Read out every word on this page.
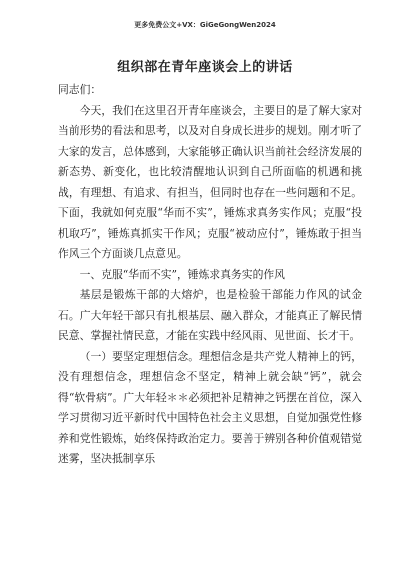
更多免费公文+VX：GiGeGongWen2024
组织部在青年座谈会上的讲话

同志们：

今天，我们在这里召开青年座谈会，主要目的是了解大家对当前形势的看法和思考，以及对自身成长进步的规划。刚才听了大家的发言，总体感到，大家能够正确认识当前社会经济发展的新态势、新变化，也比较清醒地认识到自己所面临的机遇和挑战，有理想、有追求、有担当，但同时也存在一些问题和不足。下面，我就如何克服“华而不实”，锤炼求真务实作风；克服“投机取巧”，锤炼真抓实干作风；克服“被动应付”，锤炼敢于担当作风三个方面谈几点意见。

一、克服“华而不实”，锤炼求真务实的作风

基层是锻炼干部的大熔炉，也是检验干部能力作风的试金石。广大年轻干部只有扎根基层、融入群众，才能真正了解民情民意、掌握社情民意，才能在实践中经风雨、见世面、长才干。

（一）要坚定理想信念。理想信念是共产党人精神上的钙，没有理想信念，理想信念不坚定，精神上就会缺“钙”，就会得“软骨病”。广大年轻＊＊必须把补足精神之钙摆在首位，深入学习贯彻习近平新时代中国特色社会主义思想，自觉加强党性修养和党性锻炼，始终保持政治定力。要善于辨别各种价值观错觉迷雾，坚决抵制享乐
